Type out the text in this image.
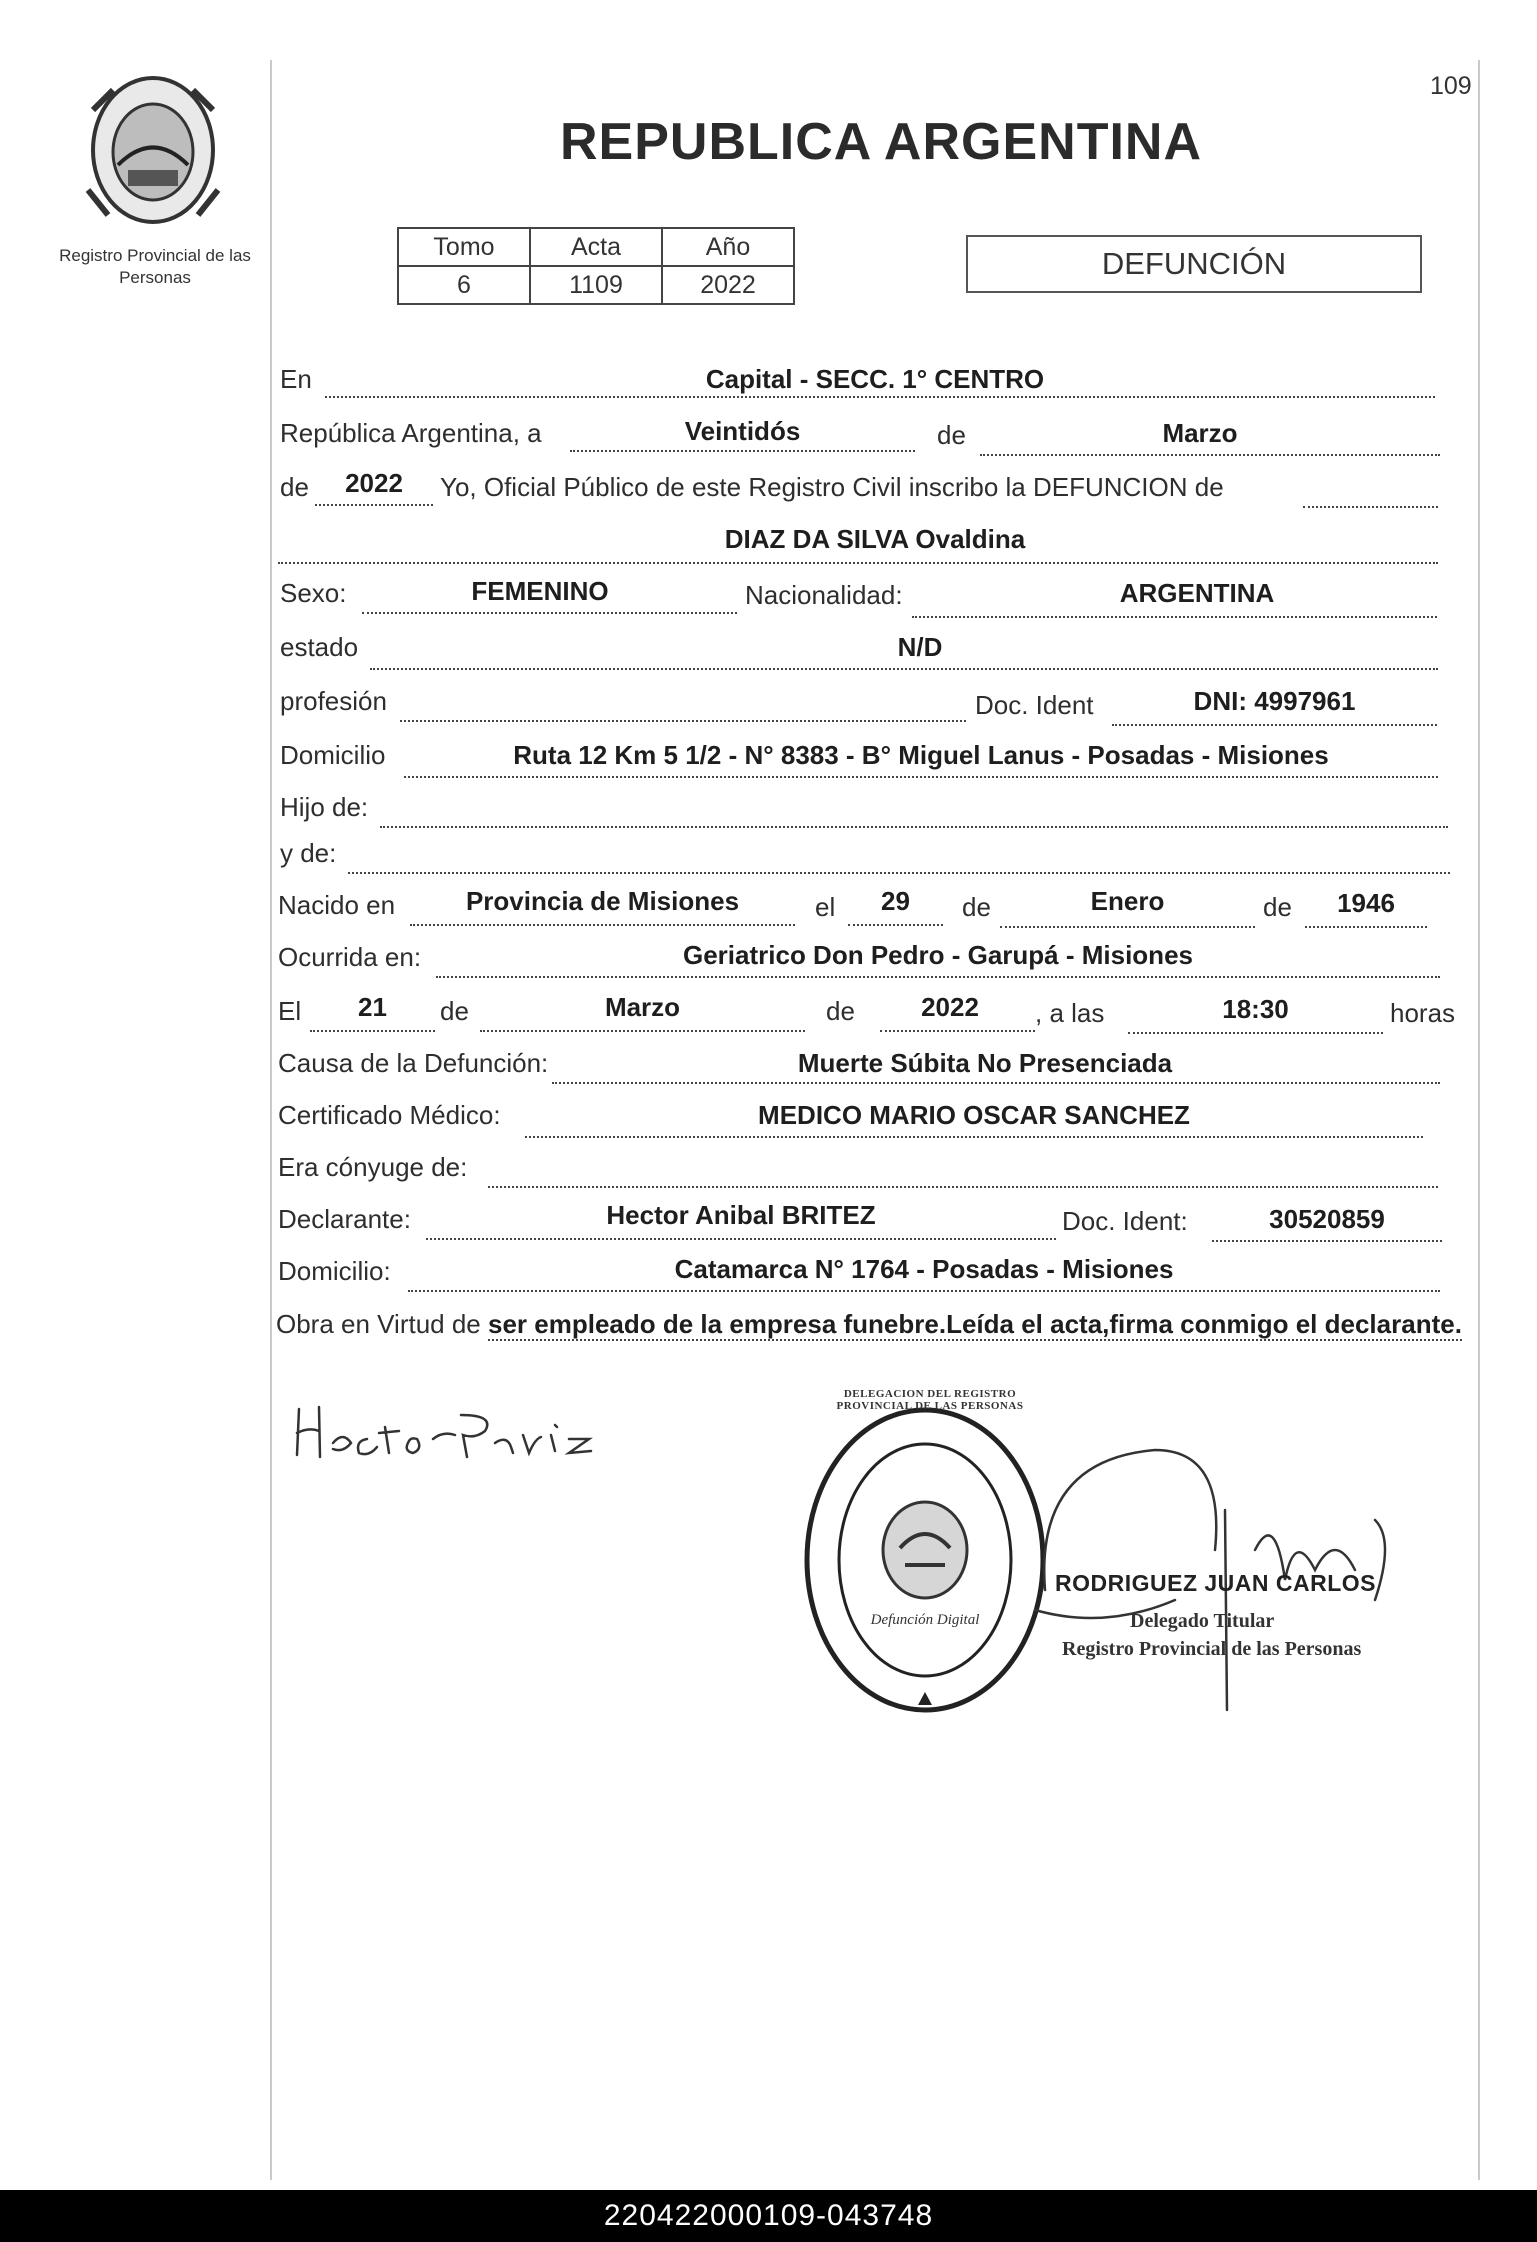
109
Registro Provincial de las Personas
REPUBLICA ARGENTINA
Tomo	Acta	Año
6	1109	2022
DEFUNCIÓN
En	Capital - SECC. 1° CENTRO
República Argentina, a	Veintidós	de	Marzo
de	2022	Yo, Oficial Público de este Registro Civil inscribo la DEFUNCION de
DIAZ DA SILVA Ovaldina
Sexo:	FEMENINO	Nacionalidad:	ARGENTINA
estado	N/D
profesión	Doc. Ident	DNI: 4997961
Domicilio	Ruta 12 Km 5 1/2 - N° 8383 - B° Miguel Lanus - Posadas - Misiones
Hijo de:
y de:
Nacido en	Provincia de Misiones	el	29	de	Enero	de	1946
Ocurrida en:	Geriatrico Don Pedro - Garupá - Misiones
El	21	de	Marzo	de	2022	, a las	18:30	horas
Causa de la Defunción:	Muerte Súbita No Presenciada
Certificado Médico:	MEDICO MARIO OSCAR SANCHEZ
Era cónyuge de:
Declarante:	Hector Anibal BRITEZ	Doc. Ident:	30520859
Domicilio:	Catamarca N° 1764 - Posadas - Misiones
Obra en Virtud de ser empleado de la empresa funebre.Leída el acta,firma conmigo el declarante.
Defunción Digital
DELEGACION DEL REGISTRO PROVINCIAL DE LAS PERSONAS
RODRIGUEZ JUAN CARLOS
Delegado Titular
Registro Provincial de las Personas
220422000109-043748
